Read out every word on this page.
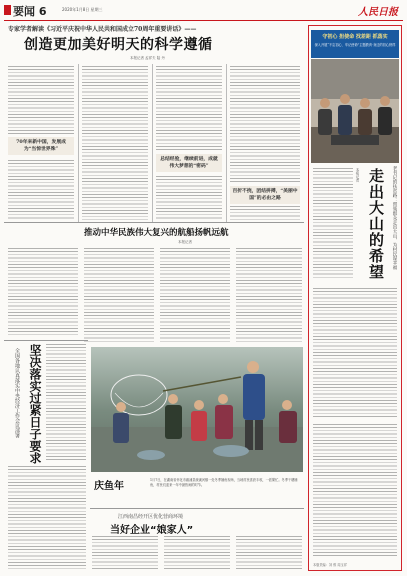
要闻 6	2020年1月8日 星期三	人民日报
专家学者解读《习近平庆祝中华人民共和国成立70周年重要讲话》——
创造更加美好明天的科学遵循
本报记者 孟祥夫 陆 丹
70年来新中国，发展成为“当惊世界殊”
总结经验，继续前进，成就伟大梦想的“密码”
百折不挠，团结拼搏，“美丽中国”的必由之路
推动中华民族伟大复兴的航船扬帆远航
本报记者
全国各地认真落实中央经济工作会议部署 坚决落实过紧日子要求
庆鱼年
1月7日，在湖南省怀化市溆浦县统溪河镇一处冬季捕鱼现场，当地村民喜获丰收，一派繁忙。冬季干塘捕鱼，村民们迎来一年中最热闹的时节。
江西南昌经开区优化营商环境
当好企业“娘家人”
守初心 担使命 找差距 抓落实
深入开展“不忘初心、牢记使命”主题教育·身边的初心榜样
老书记的扶贫路：带领群众走出大山，为村民谋幸福
走出大山的希望
本报记者
本版责编：刘 维 周玉祥
